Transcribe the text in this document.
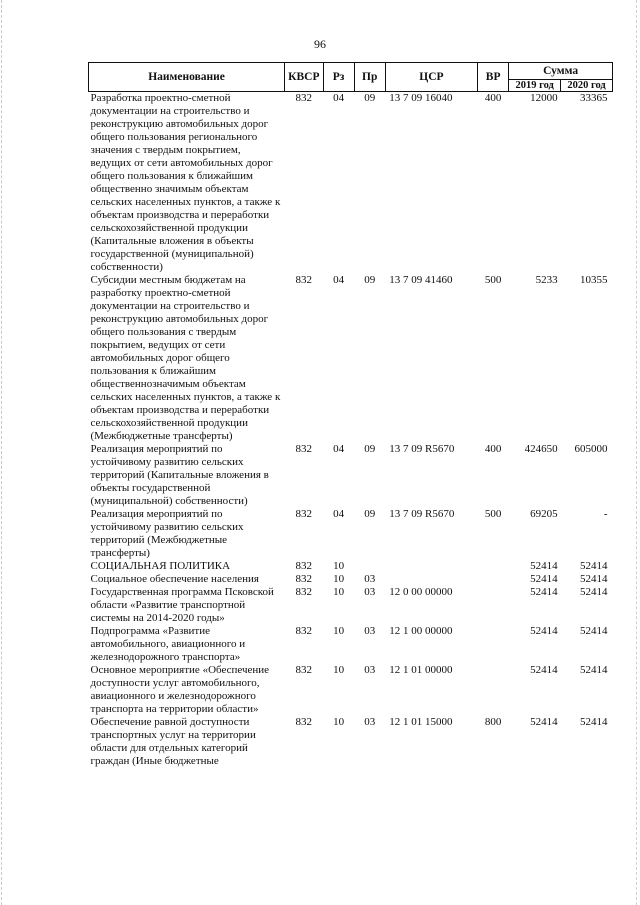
96
Наименование	КВСР	Рз	Пр	ЦСР	ВР	Сумма	
						2019 год	2020 год
Разработка проектно-сметной документации на строительство и реконструкцию автомобильных дорог общего пользования регионального значения с твердым покрытием, ведущих от сети автомобильных дорог общего пользования к ближайшим общественно значимым объектам сельских населенных пунктов, а также к объектам производства и переработки сельскохозяйственной продукции (Капитальные вложения в объекты государственной (муниципальной) собственности)	832	04	09	13 7 09 16040	400	12000	33365
Субсидии местным бюджетам на разработку проектно-сметной документации на строительство и реконструкцию автомобильных дорог общего пользования с твердым покрытием, ведущих от сети автомобильных дорог общего пользования к ближайшим общественнозначимым объектам сельских населенных пунктов, а также к объектам производства и переработки сельскохозяйственной продукции (Межбюджетные трансферты)	832	04	09	13 7 09 41460	500	5233	10355
Реализация мероприятий по устойчивому развитию сельских территорий (Капитальные вложения в объекты государственной (муниципальной) собственности)	832	04	09	13 7 09 R5670	400	424650	605000
Реализация мероприятий по устойчивому развитию сельских территорий (Межбюджетные трансферты)	832	04	09	13 7 09 R5670	500	69205	-
СОЦИАЛЬНАЯ ПОЛИТИКА	832	10				52414	52414
Социальное обеспечение населения	832	10	03			52414	52414
Государственная программа Псковской области «Развитие транспортной системы на 2014-2020 годы»	832	10	03	12 0 00 00000		52414	52414
Подпрограмма «Развитие автомобильного, авиационного и железнодорожного транспорта»	832	10	03	12 1 00 00000		52414	52414
Основное мероприятие «Обеспечение доступности услуг автомобильного, авиационного и железнодорожного транспорта на территории области»	832	10	03	12 1 01 00000		52414	52414
Обеспечение равной доступности транспортных услуг на территории области для отдельных категорий граждан (Иные бюджетные	832	10	03	12 1 01 15000	800	52414	52414
